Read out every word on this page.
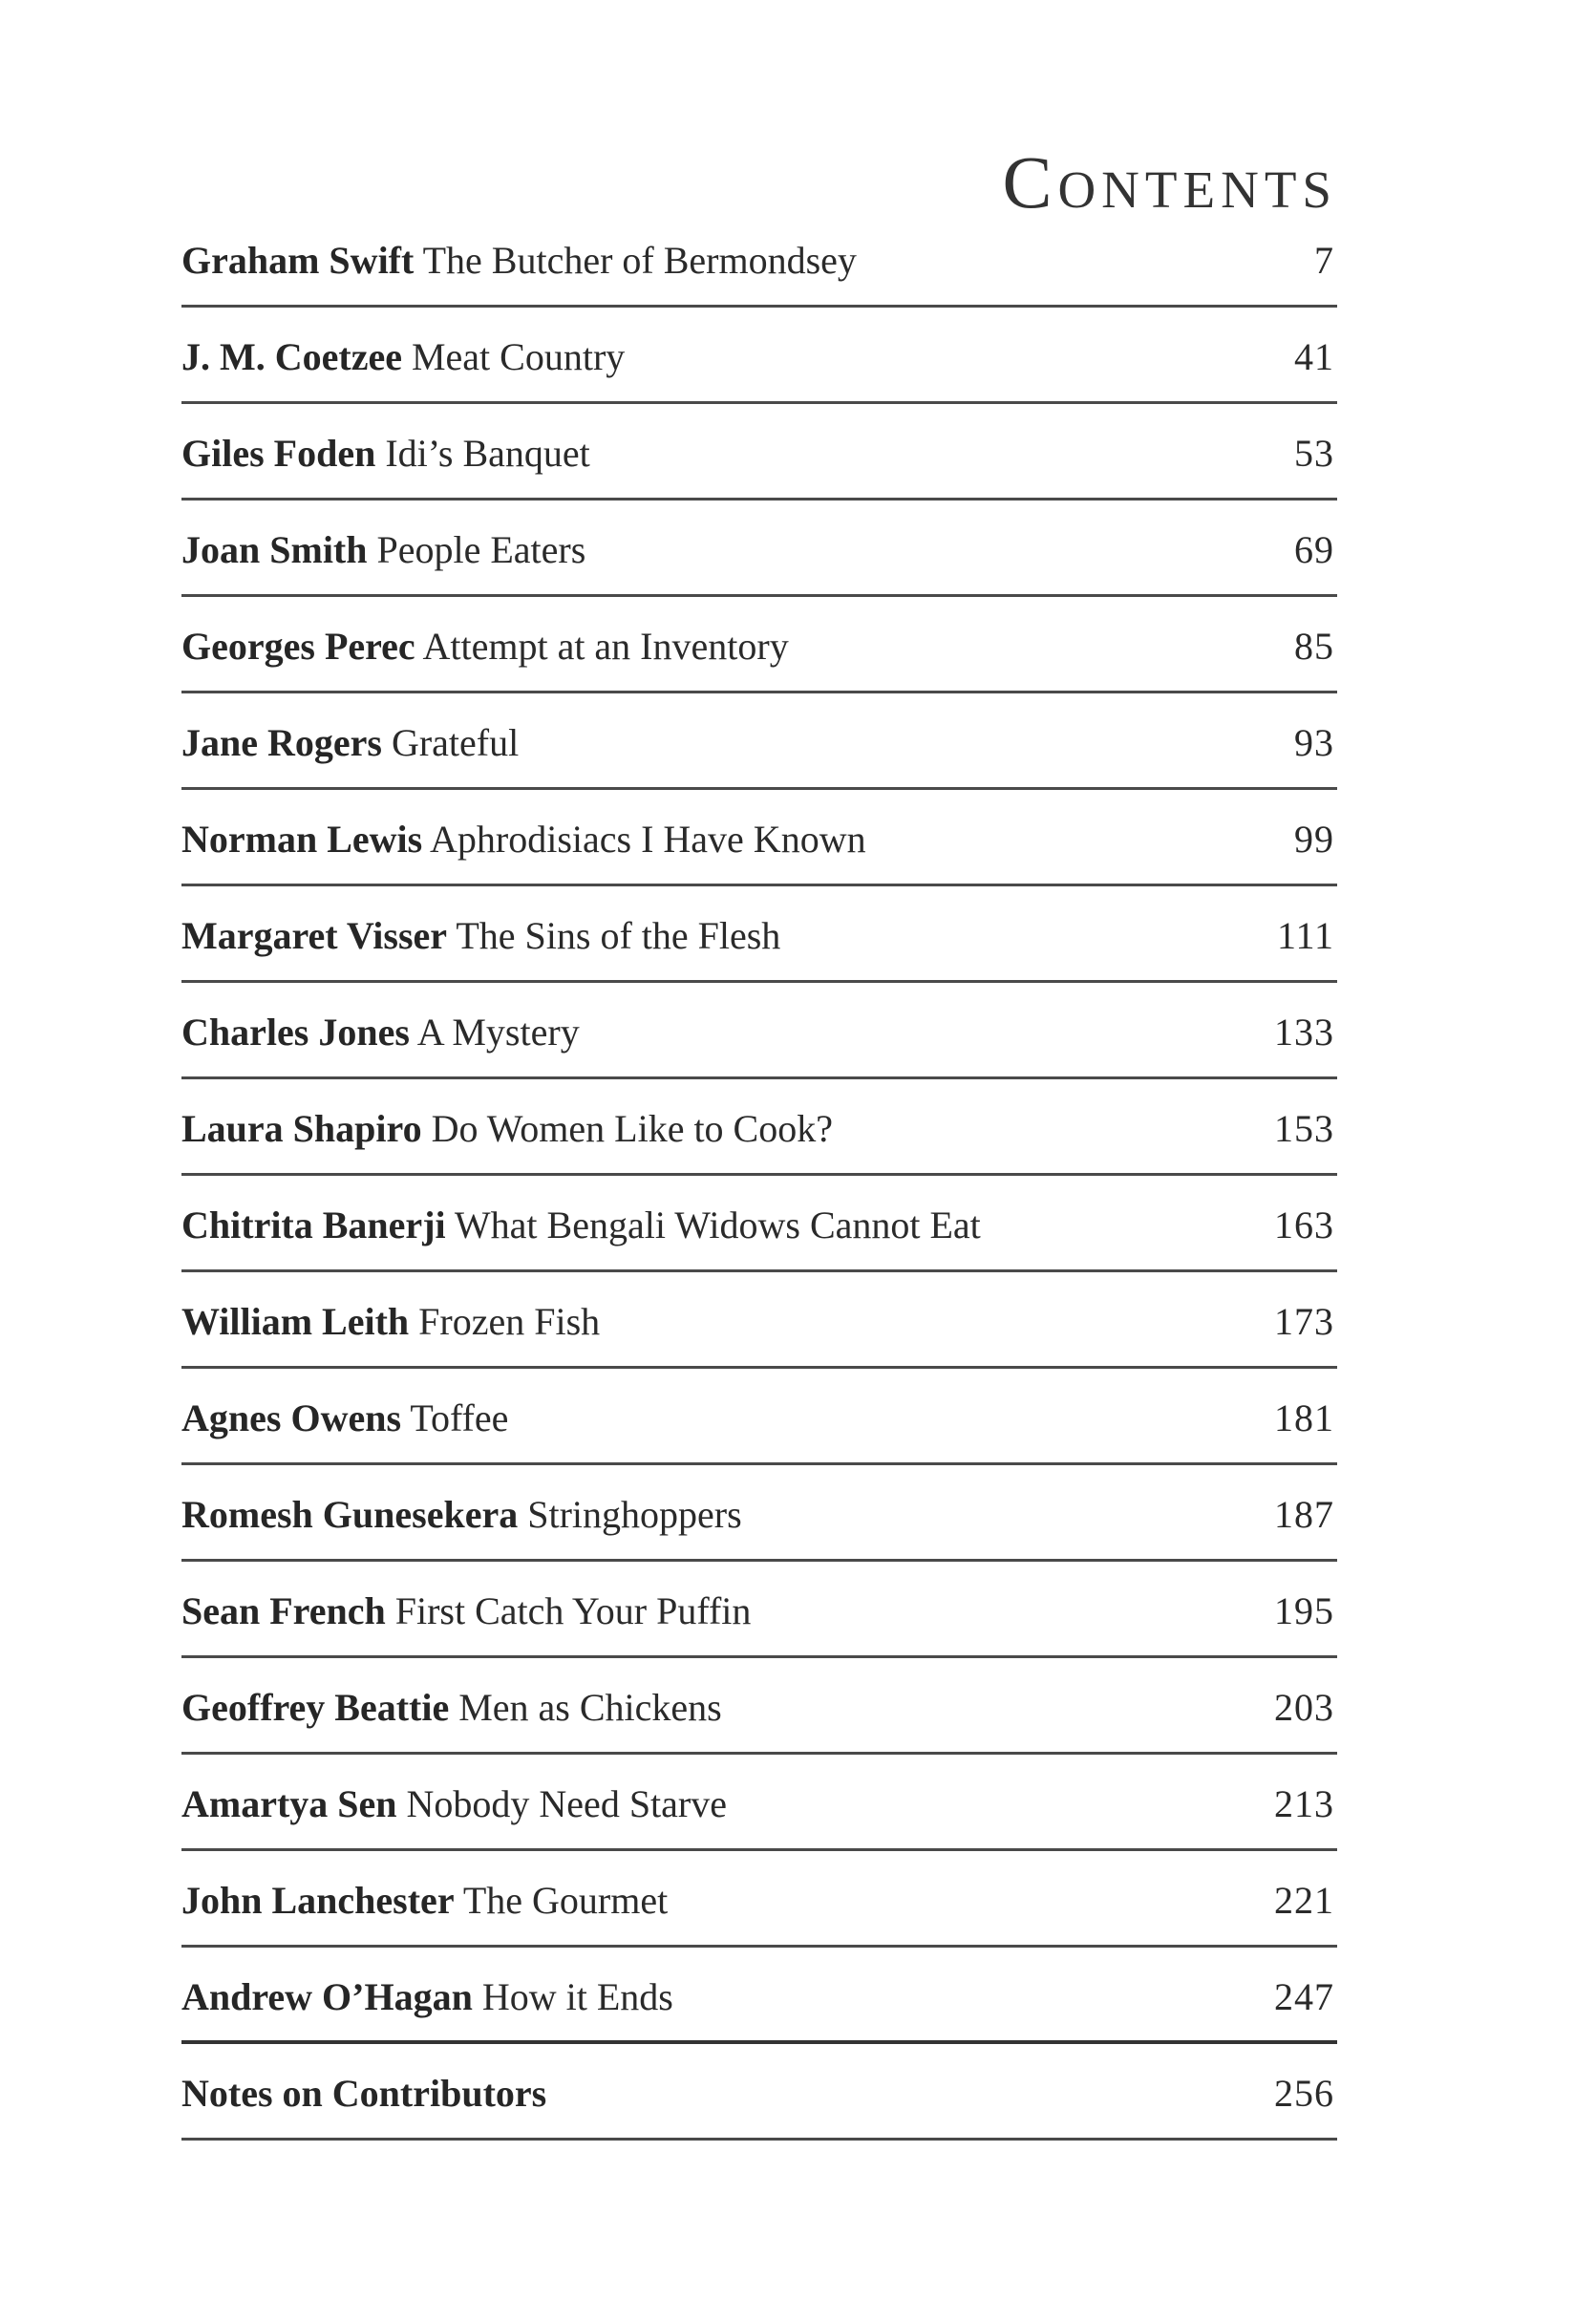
Contents
Graham Swift The Butcher of Bermondsey	7
J. M. Coetzee Meat Country	41
Giles Foden Idi’s Banquet	53
Joan Smith People Eaters	69
Georges Perec Attempt at an Inventory	85
Jane Rogers Grateful	93
Norman Lewis Aphrodisiacs I Have Known	99
Margaret Visser The Sins of the Flesh	111
Charles Jones A Mystery	133
Laura Shapiro Do Women Like to Cook?	153
Chitrita Banerji What Bengali Widows Cannot Eat	163
William Leith Frozen Fish	173
Agnes Owens Toffee	181
Romesh Gunesekera Stringhoppers	187
Sean French First Catch Your Puffin	195
Geoffrey Beattie Men as Chickens	203
Amartya Sen Nobody Need Starve	213
John Lanchester The Gourmet	221
Andrew O’Hagan How it Ends	247
Notes on Contributors	256
